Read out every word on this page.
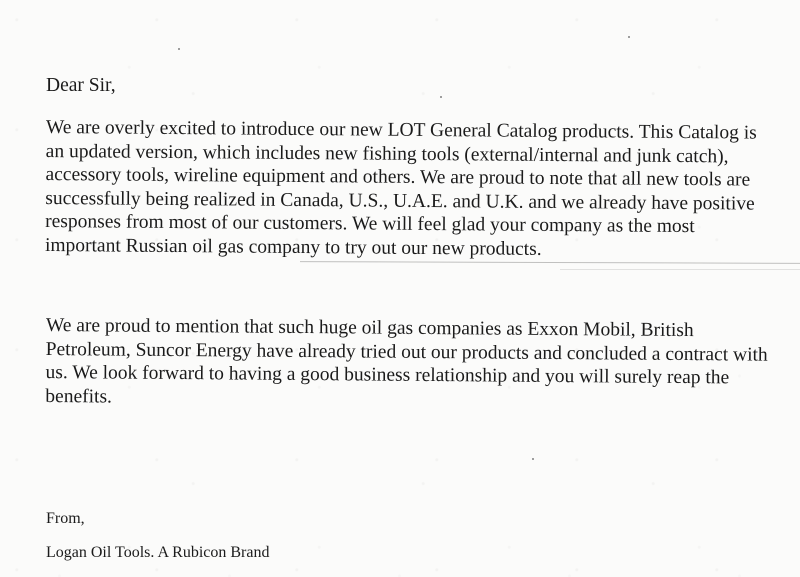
Dear Sir,

We are overly excited to introduce our new LOT General Catalog products. This Catalog is an updated version, which includes new fishing tools (external/internal and junk catch), accessory tools, wireline equipment and others. We are proud to note that all new tools are successfully being realized in Canada, U.S., U.A.E. and U.K. and we already have positive responses from most of our customers. We will feel glad your company as the most important Russian oil gas company to try out our new products.

We are proud to mention that such huge oil gas companies as Exxon Mobil, British Petroleum, Suncor Energy have already tried out our products and concluded a contract with us. We look forward to having a good business relationship and you will surely reap the benefits.

From,

Logan Oil Tools. A Rubicon Brand
